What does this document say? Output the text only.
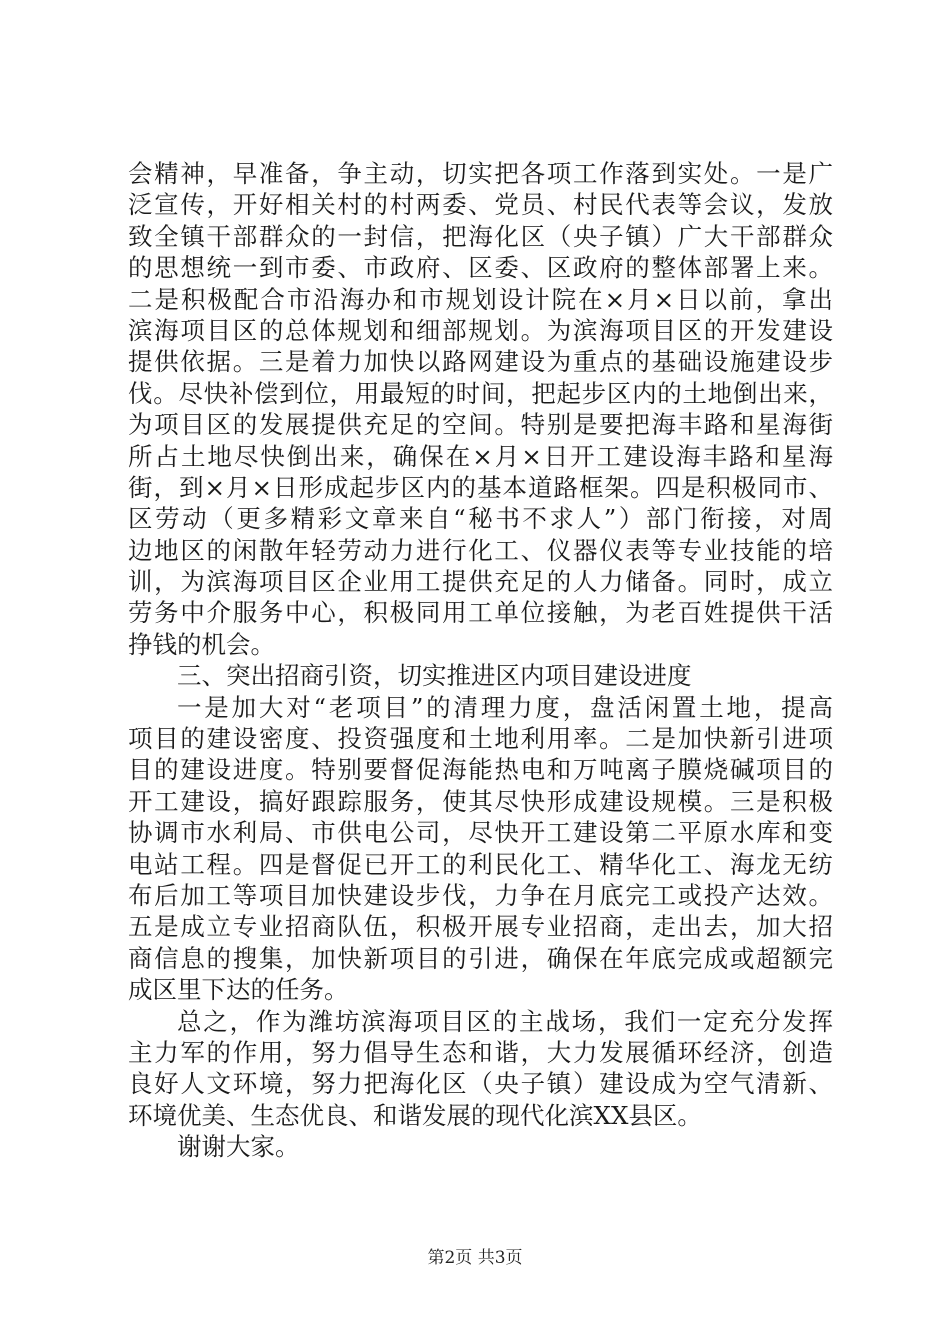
会精神，早准备，争主动，切实把各项工作落到实处。一是广
泛宣传，开好相关村的村两委、党员、村民代表等会议，发放
致全镇干部群众的一封信，把海化区（央子镇）广大干部群众
的思想统一到市委、市政府、区委、区政府的整体部署上来。
二是积极配合市沿海办和市规划设计院在×月×日以前，拿出
滨海项目区的总体规划和细部规划。为滨海项目区的开发建设
提供依据。三是着力加快以路网建设为重点的基础设施建设步
伐。尽快补偿到位，用最短的时间，把起步区内的土地倒出来，
为项目区的发展提供充足的空间。特别是要把海丰路和星海街
所占土地尽快倒出来，确保在×月×日开工建设海丰路和星海
街，到×月×日形成起步区内的基本道路框架。四是积极同市、
区劳动（更多精彩文章来自“秘书不求人”）部门衔接，对周
边地区的闲散年轻劳动力进行化工、仪器仪表等专业技能的培
训，为滨海项目区企业用工提供充足的人力储备。同时，成立
劳务中介服务中心，积极同用工单位接触，为老百姓提供干活
挣钱的机会。
三、突出招商引资，切实推进区内项目建设进度
一是加大对“老项目”的清理力度，盘活闲置土地，提高
项目的建设密度、投资强度和土地利用率。二是加快新引进项
目的建设进度。特别要督促海能热电和万吨离子膜烧碱项目的
开工建设，搞好跟踪服务，使其尽快形成建设规模。三是积极
协调市水利局、市供电公司，尽快开工建设第二平原水库和变
电站工程。四是督促已开工的利民化工、精华化工、海龙无纺
布后加工等项目加快建设步伐，力争在月底完工或投产达效。
五是成立专业招商队伍，积极开展专业招商，走出去，加大招
商信息的搜集，加快新项目的引进，确保在年底完成或超额完
成区里下达的任务。
总之，作为潍坊滨海项目区的主战场，我们一定充分发挥
主力军的作用，努力倡导生态和谐，大力发展循环经济，创造
良好人文环境，努力把海化区（央子镇）建设成为空气清新、
环境优美、生态优良、和谐发展的现代化滨XX县区。
谢谢大家。
第2页 共3页
